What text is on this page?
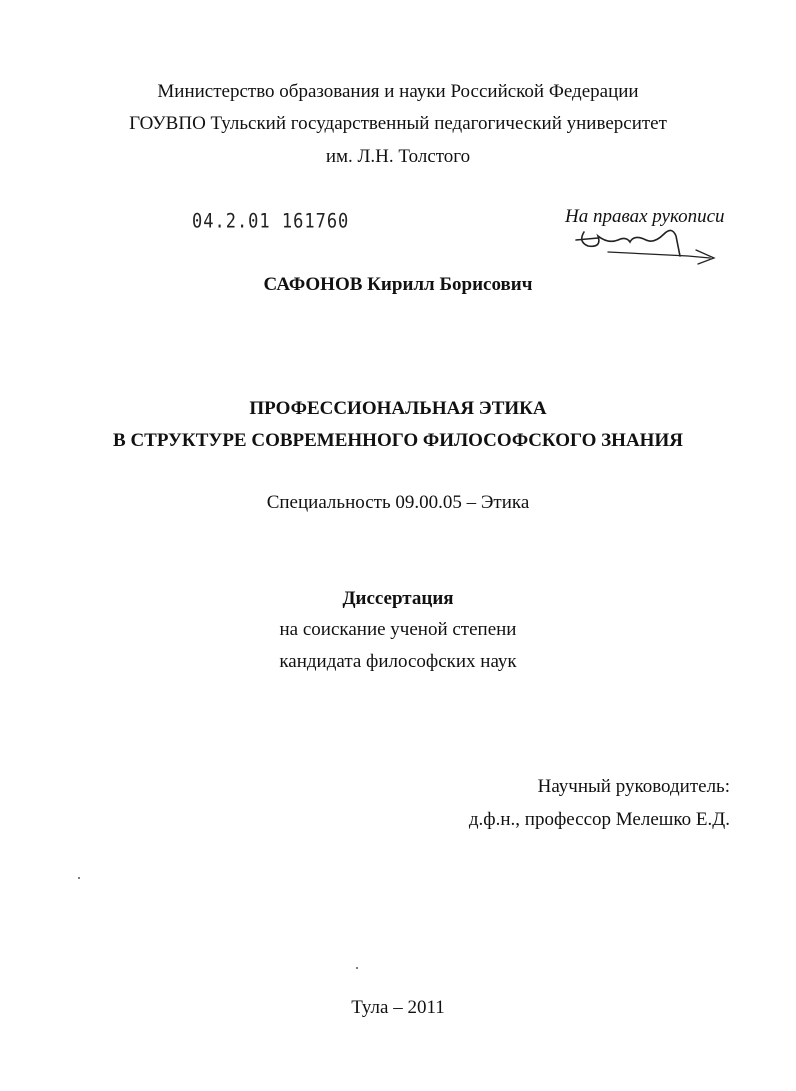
Министерство образования и науки Российской Федерации
ГОУВПО Тульский государственный педагогический университет
им. Л.Н. Толстого
04.2.01 161760	На правах рукописи
САФОНОВ Кирилл Борисович
ПРОФЕССИОНАЛЬНАЯ ЭТИКА
В СТРУКТУРЕ СОВРЕМЕННОГО ФИЛОСОФСКОГО ЗНАНИЯ
Специальность 09.00.05 – Этика
Диссертация
на соискание ученой степени
кандидата философских наук
Научный руководитель:
д.ф.н., профессор Мелешко Е.Д.
Тула – 2011
